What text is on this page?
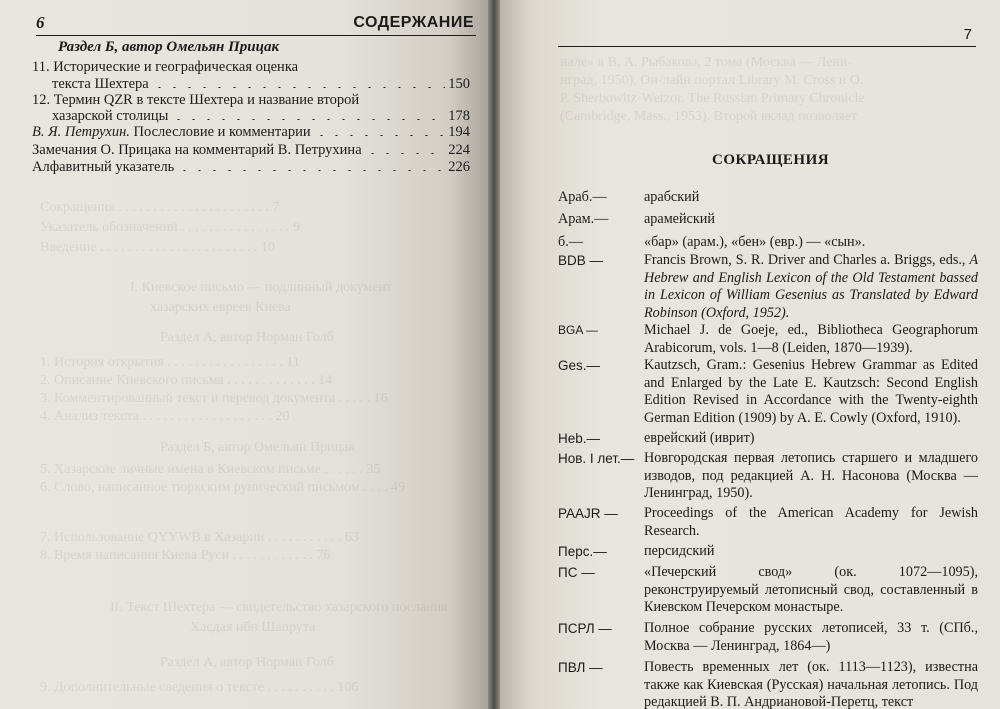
Сокращения . . . . . . . . . . . . . . . . . . . . . . 7
Указатель обозначений . . . . . . . . . . . . . . . . 9
Введение . . . . . . . . . . . . . . . . . . . . . . . 10
I. Киевское письмо — подлинный документ
хазарских евреев Киева
Раздел А, автор Норман Голб
1. История открытия . . . . . . . . . . . . . . . . . 11
2. Описание Киевского письма . . . . . . . . . . . . . 14
3. Комментированный текст и перевод документа . . . . . 16
4. Анализ текста . . . . . . . . . . . . . . . . . . . 20
Раздел Б, автор Омельян Прицак
5. Хазарские личные имена в Киевском письме . . . . . . 35
6. Слово, написанное тюркским рунический письмом . . . . 49
7. Использование QYYWB в Хазарии . . . . . . . . . . . 63
8. Время написания Киева Руси . . . . . . . . . . . . 76
II. Текст Шехтера — свидетельство хазарского послания
Хасдая ибн Шапрута
Раздел А, автор Норман Голб
9. Дополнительные сведения о тексте . . . . . . . . . . 106
6	СОДЕРЖАНИЕ
Раздел Б, автор Омельян Прицак
11. Исторические и географическая оценка
текста Шехтера	150
12. Термин QZR в тексте Шехтера и название второй
хазарской столицы	178
В. Я. Петрухин. Послесловие и комментарии	194
Замечания О. Прицака на комментарий В. Петрухина	224
Алфавитный указатель	226
нале» в В. А. Рыбакова, 2 тома (Москва — Лени-
нград, 1950), Он-лайн портал Library М. Cross и О.
P. Sherbowitz-Wetzor. The Russian Primary Chronicle
(Cambridge, Mass., 1953). Второй вклад позволяет
7
СОКРАЩЕНИЯ
Араб.—	арабский
Арам.—	арамейский
б.—	«бар» (арам.), «бен» (евр.) — «сын».
BDB —	Francis Brown, S. R. Driver and Charles a. Briggs, eds., A Hebrew and English Lexicon of the Old Testament bassed in Lexicon of William Gesenius as Translated by Edward Robinson (Oxford, 1952).
BGA —	Michael J. de Goeje, ed., Bibliotheca Geographorum Arabicorum, vols. 1—8 (Leiden, 1870—1939).
Ges.—	Kautzsch, Gram.: Gesenius Hebrew Grammar as Edited and Enlarged by the Late E. Kautzsch: Second English Edition Revised in Accordance with the Twenty-eighth German Edition (1909) by A. E. Cowly (Oxford, 1910).
Heb.—	еврейский (иврит)
Нов. I лет.— Новгородская первая летопись старшего и младшего изводов, под редакцией А. Н. Насонова (Москва — Ленинград, 1950).
PAAJR —	Proceedings of the American Academy for Jewish Research.
Перс.—	персидский
ПС —	«Печерский свод» (ок. 1072—1095), реконструируемый летописный свод, составленный в Киевском Печерском монастыре.
ПСРЛ —	Полное собрание русских летописей, 33 т. (СПб., Москва — Ленинград, 1864—)
ПВЛ —	Повесть временных лет (ок. 1113—1123), известна также как Киевская (Русская) начальная летопись. Под редакцией В. П. Андриановой-Перетц, текст
